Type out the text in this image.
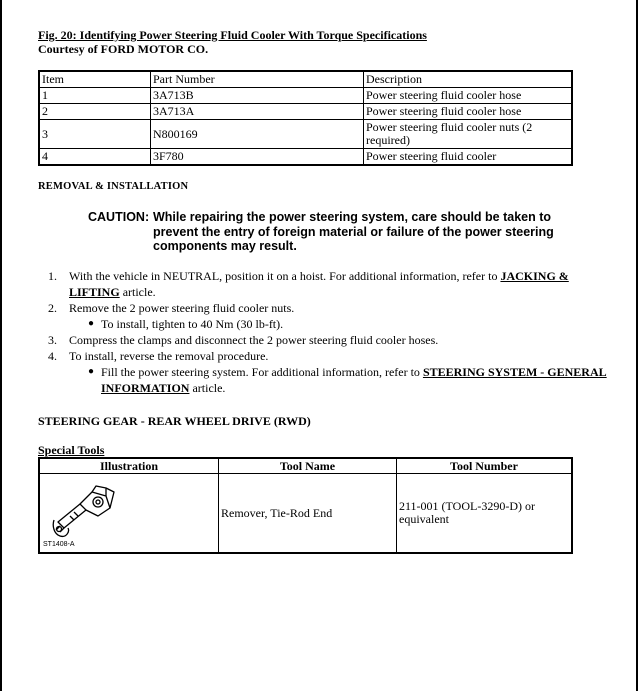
Fig. 20: Identifying Power Steering Fluid Cooler With Torque Specifications
Courtesy of FORD MOTOR CO.
Item	Part Number	Description
1	3A713B	Power steering fluid cooler hose
2	3A713A	Power steering fluid cooler hose
3	N800169	Power steering fluid cooler nuts (2 required)
4	3F780	Power steering fluid cooler
REMOVAL & INSTALLATION
CAUTION: While repairing the power steering system, care should be taken to
prevent the entry of foreign material or failure of the power steering
components may result.
1. With the vehicle in NEUTRAL, position it on a hoist. For additional information, refer to JACKING & LIFTING article.
2. Remove the 2 power steering fluid cooler nuts.
● To install, tighten to 40 Nm (30 lb-ft).
3. Compress the clamps and disconnect the 2 power steering fluid cooler hoses.
4. To install, reverse the removal procedure.
● Fill the power steering system. For additional information, refer to STEERING SYSTEM - GENERAL INFORMATION article.
STEERING GEAR - REAR WHEEL DRIVE (RWD)
Special Tools
Illustration	Tool Name	Tool Number

ST1408-A	Remover, Tie-Rod End	211-001 (TOOL-3290-D) or equivalent
